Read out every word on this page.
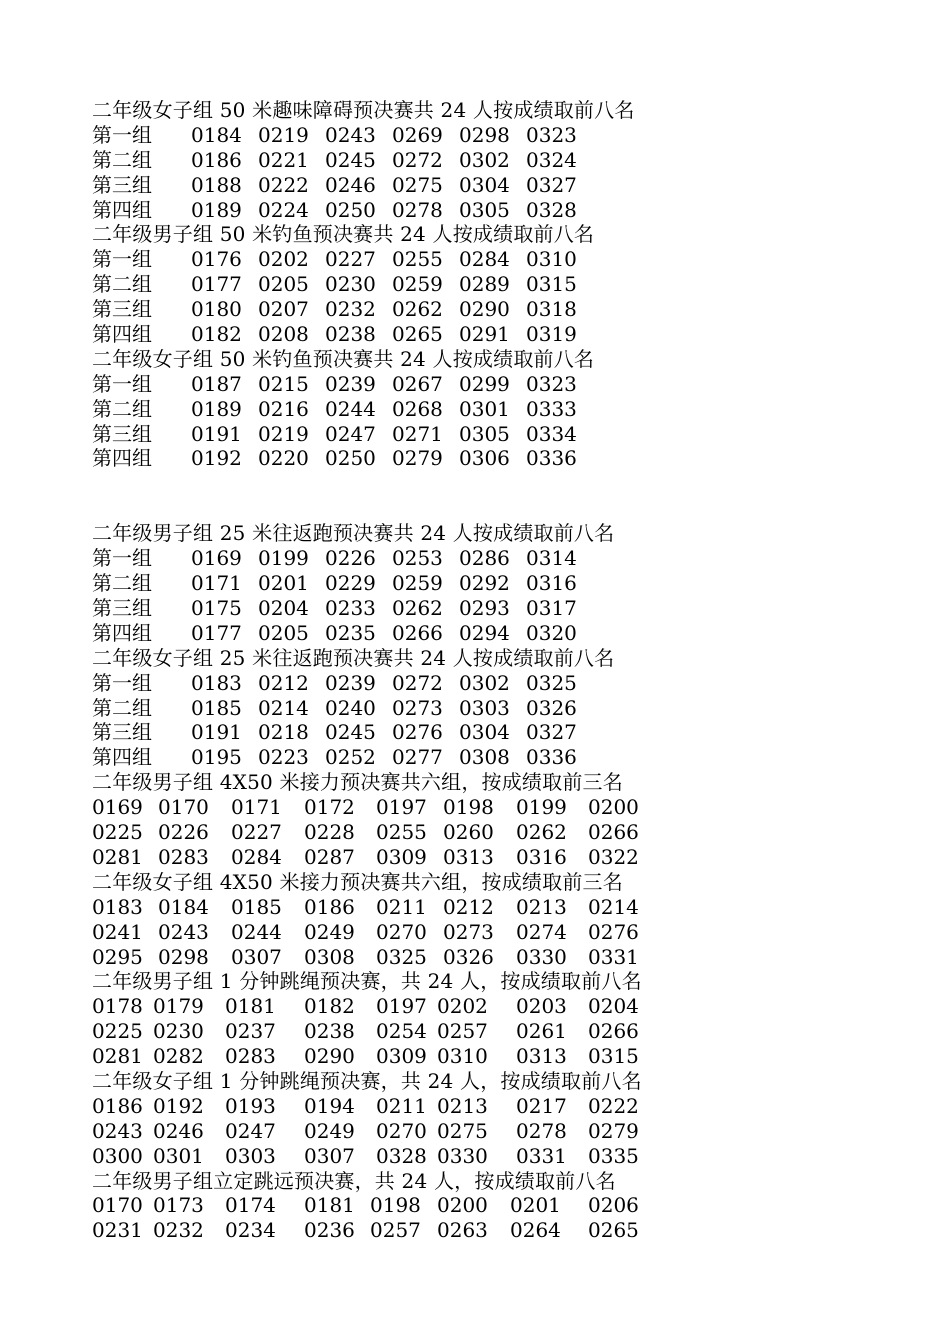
二年级女子组 50 米趣味障碍预决赛共 24 人按成绩取前八名
第一组 0184 0219 0243 0269 0298 0323
第二组 0186 0221 0245 0272 0302 0324
第三组 0188 0222 0246 0275 0304 0327
第四组 0189 0224 0250 0278 0305 0328
二年级男子组 50 米钓鱼预决赛共 24 人按成绩取前八名
第一组 0176 0202 0227 0255 0284 0310
第二组 0177 0205 0230 0259 0289 0315
第三组 0180 0207 0232 0262 0290 0318
第四组 0182 0208 0238 0265 0291 0319
二年级女子组 50 米钓鱼预决赛共 24 人按成绩取前八名
第一组 0187 0215 0239 0267 0299 0323
第二组 0189 0216 0244 0268 0301 0333
第三组 0191 0219 0247 0271 0305 0334
第四组 0192 0220 0250 0279 0306 0336
二年级男子组 25 米往返跑预决赛共 24 人按成绩取前八名
第一组 0169 0199 0226 0253 0286 0314
第二组 0171 0201 0229 0259 0292 0316
第三组 0175 0204 0233 0262 0293 0317
第四组 0177 0205 0235 0266 0294 0320
二年级女子组 25 米往返跑预决赛共 24 人按成绩取前八名
第一组 0183 0212 0239 0272 0302 0325
第二组 0185 0214 0240 0273 0303 0326
第三组 0191 0218 0245 0276 0304 0327
第四组 0195 0223 0252 0277 0308 0336
二年级男子组 4X50 米接力预决赛共六组，按成绩取前三名
0169 0170 0171 0172 0197 0198 0199 0200
0225 0226 0227 0228 0255 0260 0262 0266
0281 0283 0284 0287 0309 0313 0316 0322
二年级女子组 4X50 米接力预决赛共六组，按成绩取前三名
0183 0184 0185 0186 0211 0212 0213 0214
0241 0243 0244 0249 0270 0273 0274 0276
0295 0298 0307 0308 0325 0326 0330 0331
二年级男子组 1 分钟跳绳预决赛，共 24 人，按成绩取前八名
0178 0179 0181 0182 0197 0202 0203 0204
0225 0230 0237 0238 0254 0257 0261 0266
0281 0282 0283 0290 0309 0310 0313 0315
二年级女子组 1 分钟跳绳预决赛，共 24 人，按成绩取前八名
0186 0192 0193 0194 0211 0213 0217 0222
0243 0246 0247 0249 0270 0275 0278 0279
0300 0301 0303 0307 0328 0330 0331 0335
二年级男子组立定跳远预决赛，共 24 人，按成绩取前八名
0170 0173 0174 0181 0198 0200 0201 0206
0231 0232 0234 0236 0257 0263 0264 0265
